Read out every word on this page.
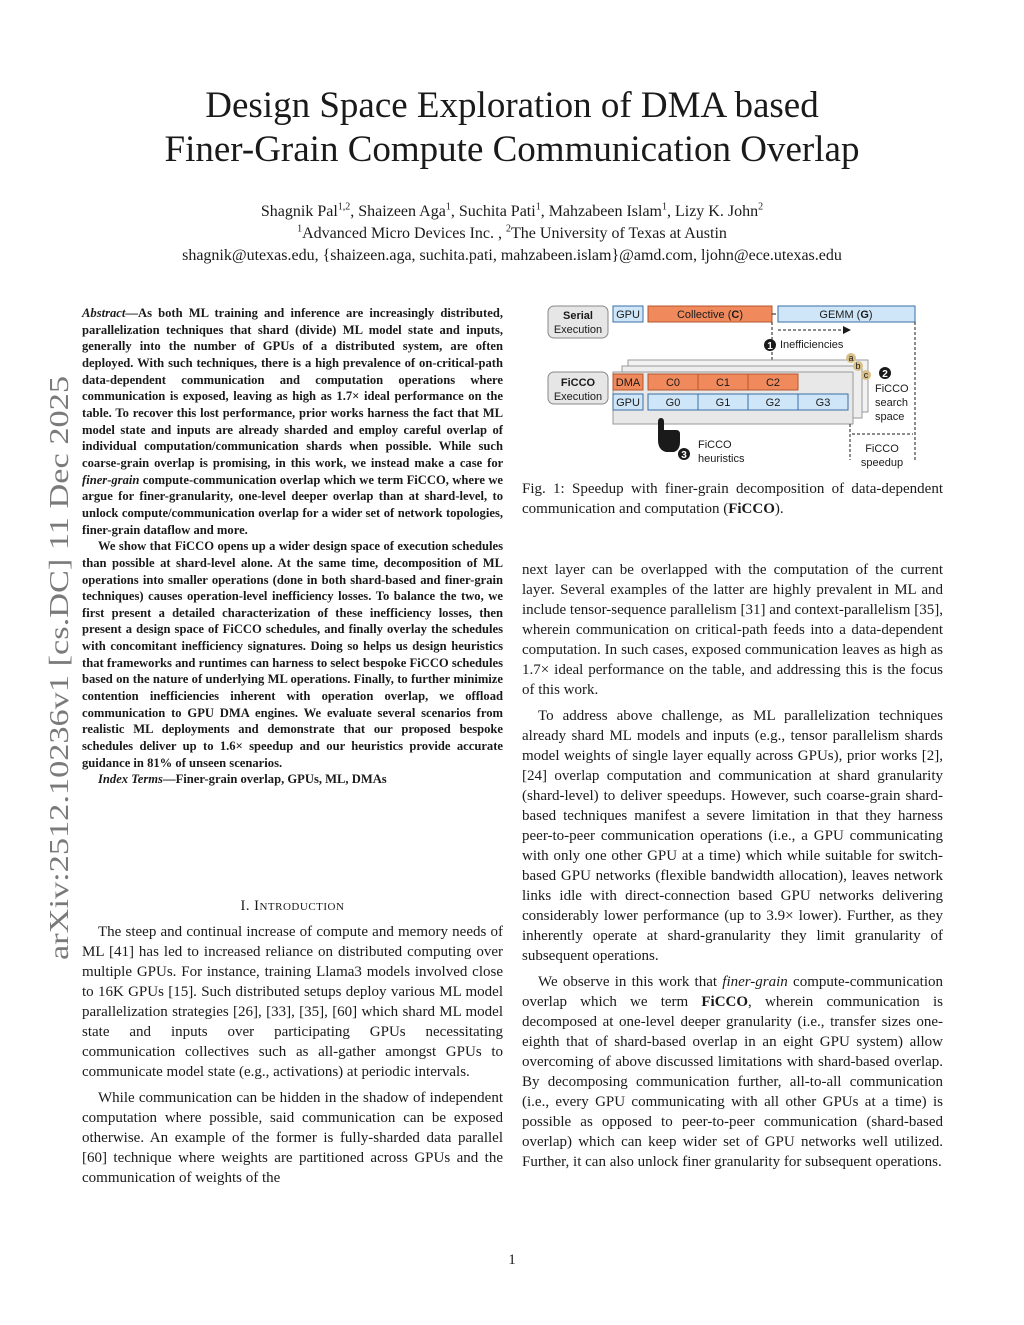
arXiv:2512.10236v1 [cs.DC] 11 Dec 2025
Design Space Exploration of DMA based
Finer-Grain Compute Communication Overlap
Shagnik Pal$^{1,2}$, Shaizeen Aga$^1$, Suchita Pati$^1$, Mahzabeen Islam$^1$, Lizy K. John$^2$
$^1$Advanced Micro Devices Inc. , $^2$The University of Texas at Austin
shagnik@utexas.edu, {shaizeen.aga, suchita.pati, mahzabeen.islam}@amd.com, ljohn@ece.utexas.edu

Abstract—As both ML training and inference are increasingly distributed, parallelization techniques that shard (divide) ML model state and inputs, generally into the number of GPUs of a distributed system, are often deployed. With such techniques, there is a high prevalence of on-critical-path data-dependent communication and computation operations where communication is exposed, leaving as high as 1.7× ideal performance on the table. To recover this lost performance, prior works harness the fact that ML model state and inputs are already sharded and employ careful overlap of individual computation/communication shards when possible. While such coarse-grain overlap is promising, in this work, we instead make a case for finer-grain compute-communication overlap which we term FiCCO, where we argue for finer-granularity, one-level deeper overlap than at shard-level, to unlock compute/communication overlap for a wider set of network topologies, finer-grain dataflow and more.

We show that FiCCO opens up a wider design space of execution schedules than possible at shard-level alone. At the same time, decomposition of ML operations into smaller operations (done in both shard-based and finer-grain techniques) causes operation-level inefficiency losses. To balance the two, we first present a detailed characterization of these inefficiency losses, then present a design space of FiCCO schedules, and finally overlay the schedules with concomitant inefficiency signatures. Doing so helps us design heuristics that frameworks and runtimes can harness to select bespoke FiCCO schedules based on the nature of underlying ML operations. Finally, to further minimize contention inefficiencies inherent with operation overlap, we offload communication to GPU DMA engines. We evaluate several scenarios from realistic ML deployments and demonstrate that our proposed bespoke schedules deliver up to 1.6× speedup and our heuristics provide accurate guidance in 81% of unseen scenarios.

Index Terms—Finer-grain overlap, GPUs, ML, DMAs

I. INTRODUCTION

The steep and continual increase of compute and memory needs of ML [41] has led to increased reliance on distributed computing over multiple GPUs. For instance, training Llama3 models involved close to 16K GPUs [15]. Such distributed setups deploy various ML model parallelization strategies [26], [33], [35], [60] which shard ML model state and inputs over participating GPUs necessitating communication collectives such as all-gather amongst GPUs to communicate model state (e.g., activations) at periodic intervals.

While communication can be hidden in the shadow of independent computation where possible, said communication can be exposed otherwise. An example of the former is fully-sharded data parallel [60] technique where weights are partitioned across GPUs and the communication of weights of the

Serial
Execution
GPU	Collective (C)	GEMM (G)
1 Inefficiencies
FiCCO
Execution
a
b
c
DMA
GPU
C0	C1	C2
G0	G1	G2	G3
2
FiCCO
search
space
3
FiCCO
heuristics
FiCCO
speedup
Fig. 1: Speedup with finer-grain decomposition of data-dependent communication and computation (FiCCO).

next layer can be overlapped with the computation of the current layer. Several examples of the latter are highly prevalent in ML and include tensor-sequence parallelism [31] and context-parallelism [35], wherein communication on critical-path feeds into a data-dependent computation. In such cases, exposed communication leaves as high as 1.7× ideal performance on the table, and addressing this is the focus of this work.

To address above challenge, as ML parallelization techniques already shard ML models and inputs (e.g., tensor parallelism shards model weights of single layer equally across GPUs), prior works [2], [24] overlap computation and communication at shard granularity (shard-level) to deliver speedups. However, such coarse-grain shard-based techniques manifest a severe limitation in that they harness peer-to-peer communication operations (i.e., a GPU communicating with only one other GPU at a time) which while suitable for switch-based GPU networks (flexible bandwidth allocation), leaves network links idle with direct-connection based GPU networks delivering considerably lower performance (up to 3.9× lower). Further, as they inherently operate at shard-granularity they limit granularity of subsequent operations.

We observe in this work that finer-grain compute-communication overlap which we term FiCCO, wherein communication is decomposed at one-level deeper granularity (i.e., transfer sizes one-eighth that of shard-based overlap in an eight GPU system) allow overcoming of above discussed limitations with shard-based overlap. By decomposing communication further, all-to-all communication (i.e., every GPU communicating with all other GPUs at a time) is possible as opposed to peer-to-peer communication (shard-based overlap) which can keep wider set of GPU networks well utilized. Further, it can also unlock finer granularity for subsequent operations.

1
